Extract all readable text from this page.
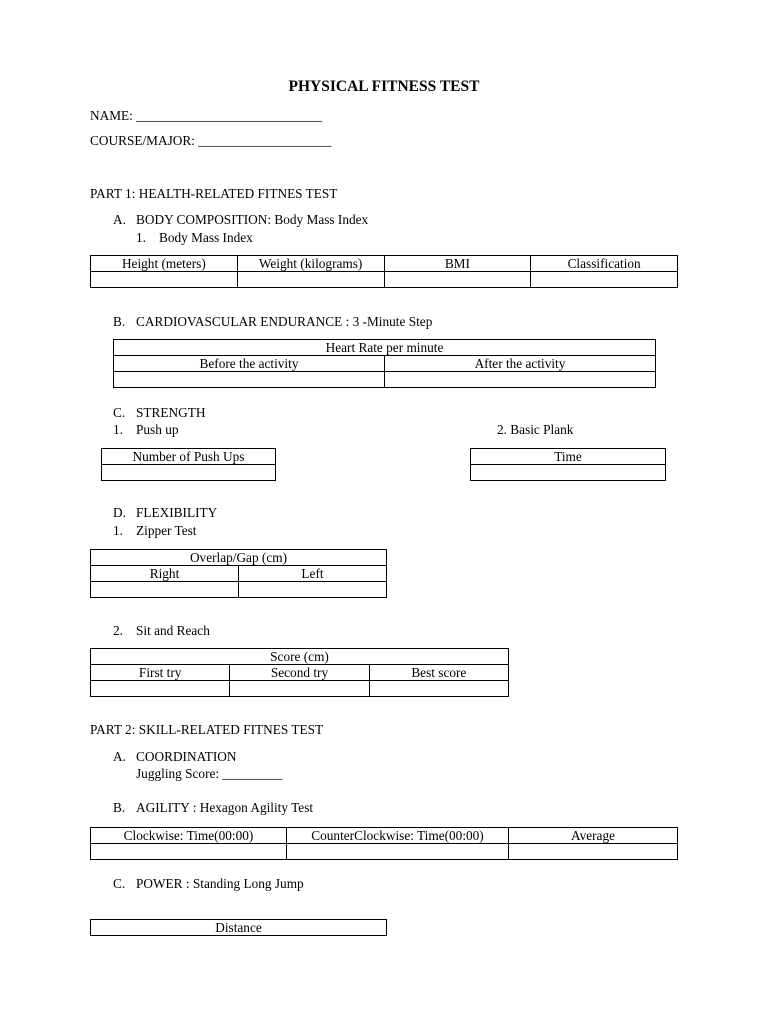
PHYSICAL FITNESS TEST
NAME: ____________________________
COURSE/MAJOR: ____________________
PART 1: HEALTH-RELATED FITNES TEST
A. BODY COMPOSITION: Body Mass Index
1. Body Mass Index
Height (meters)	Weight (kilograms)	BMI	Classification

B. CARDIOVASCULAR ENDURANCE : 3 -Minute Step
Heart Rate per minute	
Before the activity	After the activity

C. STRENGTH
1. Push up	2. Basic Plank
Number of Push Ups	Time

D. FLEXIBILITY
1. Zipper Test
Overlap/Gap (cm)	
Right	Left

2. Sit and Reach
Score (cm)		
First try	Second try	Best score

PART 2: SKILL-RELATED FITNES TEST
A. COORDINATION
Juggling Score: _________
B. AGILITY : Hexagon Agility Test
Clockwise: Time(00:00)	CounterClockwise: Time(00:00)	Average

C. POWER : Standing Long Jump
Distance
